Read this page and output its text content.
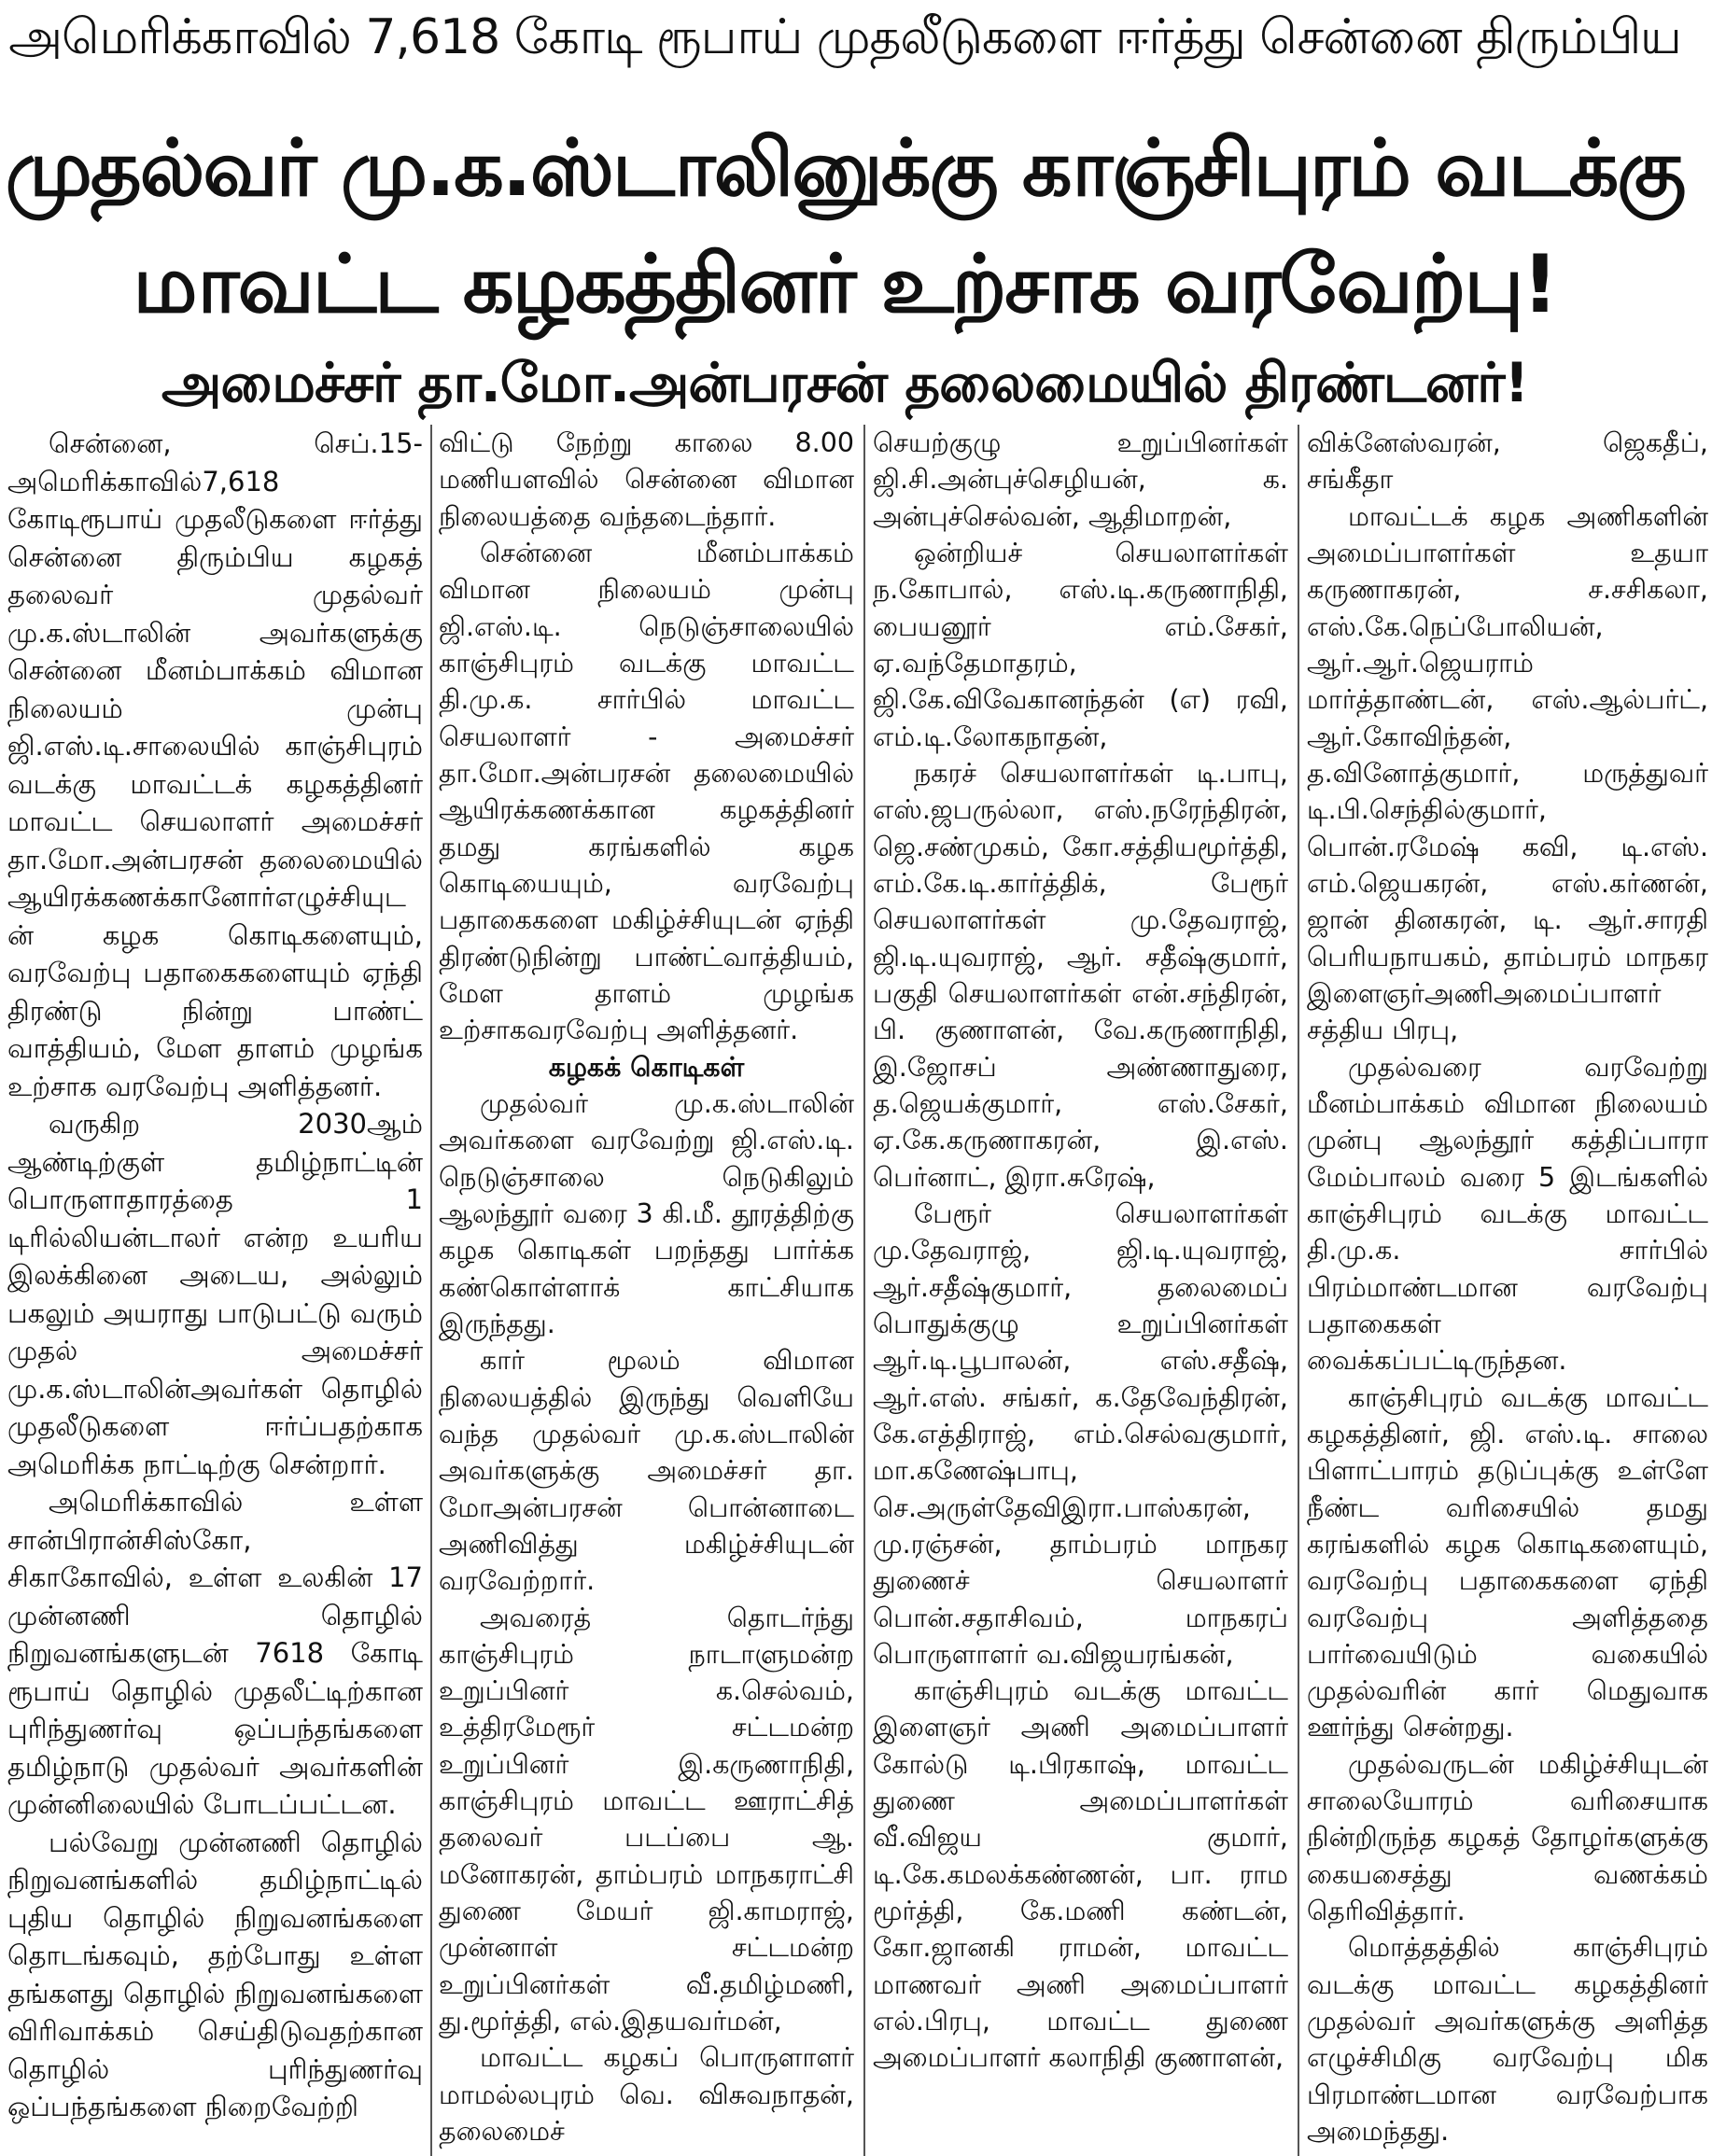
அமெரிக்காவில் 7,618 கோடி ரூபாய் முதலீடுகளை ஈர்த்து சென்னை திரும்பிய
முதல்வர் மு.க.ஸ்டாலினுக்கு காஞ்சிபுரம் வடக்கு
மாவட்ட கழகத்தினர் உற்சாக வரவேற்பு!
அமைச்சர் தா.மோ.அன்பரசன் தலைமையில் திரண்டனர்!

சென்னை, செப்.15- அமெரிக்காவில்7,618 கோடிரூபாய் முதலீடுகளை ஈர்த்து சென்னை திரும்பிய கழகத் தலைவர் முதல்வர் மு.க.ஸ்டாலின் அவர்களுக்கு சென்னை மீனம்பாக்கம் விமான நிலையம் முன்பு ஜி.எஸ்.டி.சாலையில் காஞ்சிபுரம் வடக்கு மாவட்டக் கழகத்தினர் மாவட்ட செயலாளர் அமைச்சர் தா.மோ.அன்பரசன் தலைமையில் ஆயிரக்கணக்கானோர்எழுச்சியுடன் கழக கொடிகளையும், வரவேற்பு பதாகைகளையும் ஏந்தி திரண்டு நின்று பாண்ட் வாத்தியம், மேள தாளம் முழங்க உற்சாக வரவேற்பு அளித்தனர்.

வருகிற 2030ஆம் ஆண்டிற்குள் தமிழ்நாட்டின் பொருளாதாரத்தை 1 டிரில்லியன்டாலர் என்ற உயரிய இலக்கினை அடைய, அல்லும் பகலும் அயராது பாடுபட்டு வரும் முதல் அமைச்சர் மு.க.ஸ்டாலின்அவர்கள் தொழில் முதலீடுகளை ஈர்ப்பதற்காக அமெரிக்க நாட்டிற்கு சென்றார்.

அமெரிக்காவில் உள்ள சான்பிரான்சிஸ்கோ, சிகாகோவில், உள்ள உலகின் 17 முன்னணி தொழில் நிறுவனங்களுடன் 7618 கோடி ரூபாய் தொழில் முதலீட்டிற்கான புரிந்துணர்வு ஒப்பந்தங்களை தமிழ்நாடு முதல்வர் அவர்களின் முன்னிலையில் போடப்பட்டன.

பல்வேறு முன்னணி தொழில் நிறுவனங்களில் தமிழ்நாட்டில் புதிய தொழில் நிறுவனங்களை தொடங்கவும், தற்போது உள்ள தங்களது தொழில் நிறுவனங்களை விரிவாக்கம் செய்திடுவதற்கான தொழில் புரிந்துணர்வு ஒப்பந்தங்களை நிறைவேற்றி

விட்டு நேற்று காலை 8.00 மணியளவில் சென்னை விமான நிலையத்தை வந்தடைந்தார்.

சென்னை மீனம்பாக்கம் விமான நிலையம் முன்பு ஜி.எஸ்.டி. நெடுஞ்சாலையில் காஞ்சிபுரம் வடக்கு மாவட்ட தி.மு.க. சார்பில் மாவட்ட செயலாளர் - அமைச்சர் தா.மோ.அன்பரசன் தலைமையில் ஆயிரக்கணக்கான கழகத்தினர் தமது கரங்களில் கழக கொடியையும், வரவேற்பு பதாகைகளை மகிழ்ச்சியுடன் ஏந்தி திரண்டுநின்று பாண்ட்வாத்தியம், மேள தாளம் முழங்க உற்சாகவரவேற்பு அளித்தனர்.

கழகக் கொடிகள்

முதல்வர் மு.க.ஸ்டாலின் அவர்களை வரவேற்று ஜி.எஸ்.டி. நெடுஞ்சாலை நெடுகிலும் ஆலந்தூர் வரை 3 கி.மீ. தூரத்திற்கு கழக கொடிகள் பறந்தது பார்க்க கண்கொள்ளாக் காட்சியாக இருந்தது.

கார் மூலம் விமான நிலையத்தில் இருந்து வெளியே வந்த முதல்வர் மு.க.ஸ்டாலின் அவர்களுக்கு அமைச்சர் தா. மோஅன்பரசன் பொன்னாடை அணிவித்து மகிழ்ச்சியுடன் வரவேற்றார்.

அவரைத் தொடர்ந்து காஞ்சிபுரம் நாடாளுமன்ற உறுப்பினர் க.செல்வம், உத்திரமேரூர் சட்டமன்ற உறுப்பினர் இ.கருணாநிதி, காஞ்சிபுரம் மாவட்ட ஊராட்சித் தலைவர் படப்பை ஆ. மனோகரன், தாம்பரம் மாநகராட்சி துணை மேயர் ஜி.காமராஜ், முன்னாள் சட்டமன்ற உறுப்பினர்கள் வீ.தமிழ்மணி, து.மூர்த்தி, எல்.இதயவர்மன்,

மாவட்ட கழகப் பொருளாளர் மாமல்லபுரம் வெ. விசுவநாதன், தலைமைச்

செயற்குழு உறுப்பினர்கள் ஜி.சி.அன்புச்செழியன், க. அன்புச்செல்வன், ஆதிமாறன்,

ஒன்றியச் செயலாளர்கள் ந.கோபால், எஸ்.டி.கருணாநிதி, பையனூர் எம்.சேகர், ஏ.வந்தேமாதரம், ஜி.கே.விவேகானந்தன் (எ) ரவி, எம்.டி.லோகநாதன்,

நகரச் செயலாளர்கள் டி.பாபு, எஸ்.ஜபருல்லா, எஸ்.நரேந்திரன், ஜெ.சண்முகம், கோ.சத்தியமூர்த்தி, எம்.கே.டி.கார்த்திக், பேரூர் செயலாளர்கள் மு.தேவராஜ், ஜி.டி.யுவராஜ், ஆர். சதீஷ்குமார், பகுதி செயலாளர்கள் என்.சந்திரன், பி. குணாளன், வே.கருணாநிதி, இ.ஜோசப் அண்ணாதுரை, த.ஜெயக்குமார், எஸ்.சேகர், ஏ.கே.கருணாகரன், இ.எஸ். பெர்னாட், இரா.சுரேஷ்,

பேரூர் செயலாளர்கள் மு.தேவராஜ், ஜி.டி.யுவராஜ், ஆர்.சதீஷ்குமார், தலைமைப் பொதுக்குழு உறுப்பினர்கள் ஆர்.டி.பூபாலன், எஸ்.சதீஷ், ஆர்.எஸ். சங்கர், க.தேவேந்திரன், கே.எத்திராஜ், எம்.செல்வகுமார், மா.கணேஷ்பாபு, செ.அருள்தேவிஇரா.பாஸ்கரன், மு.ரஞ்சன், தாம்பரம் மாநகர துணைச் செயலாளர் பொன்.சதாசிவம், மாநகரப் பொருளாளர் வ.விஜயரங்கன்,

காஞ்சிபுரம் வடக்கு மாவட்ட இளைஞர் அணி அமைப்பாளர் கோல்டு டி.பிரகாஷ், மாவட்ட துணை அமைப்பாளர்கள் வீ.விஜய குமார், டி.கே.கமலக்கண்ணன், பா. ராம மூர்த்தி, கே.மணி கண்டன், கோ.ஜானகி ராமன், மாவட்ட மாணவர் அணி அமைப்பாளர் எல்.பிரபு, மாவட்ட துணை அமைப்பாளர் கலாநிதி குணாளன்,

விக்னேஸ்வரன், ஜெகதீப், சங்கீதா

மாவட்டக் கழக அணிகளின் அமைப்பாளர்கள் உதயா கருணாகரன், ச.சசிகலா, எஸ்.கே.நெப்போலியன், ஆர்.ஆர்.ஜெயராம் மார்த்தாண்டன், எஸ்.ஆல்பர்ட், ஆர்.கோவிந்தன், த.வினோத்குமார், மருத்துவர் டி.பி.செந்தில்குமார், பொன்.ரமேஷ் கவி, டி.எஸ். எம்.ஜெயகரன், எஸ்.கர்ணன், ஜான் தினகரன், டி. ஆர்.சாரதி பெரியநாயகம், தாம்பரம் மாநகர இளைஞர்அணிஅமைப்பாளர் சத்திய பிரபு,

முதல்வரை வரவேற்று மீனம்பாக்கம் விமான நிலையம் முன்பு ஆலந்தூர் கத்திப்பாரா மேம்பாலம் வரை 5 இடங்களில் காஞ்சிபுரம் வடக்கு மாவட்ட தி.மு.க. சார்பில் பிரம்மாண்டமான வரவேற்பு பதாகைகள் வைக்கப்பட்டிருந்தன.

காஞ்சிபுரம் வடக்கு மாவட்ட கழகத்தினர், ஜி. எஸ்.டி. சாலை பிளாட்பாரம் தடுப்புக்கு உள்ளே நீண்ட வரிசையில் தமது கரங்களில் கழக கொடிகளையும், வரவேற்பு பதாகைகளை ஏந்தி வரவேற்பு அளித்ததை பார்வையிடும் வகையில் முதல்வரின் கார் மெதுவாக ஊர்ந்து சென்றது.

முதல்வருடன் மகிழ்ச்சியுடன் சாலையோரம் வரிசையாக நின்றிருந்த கழகத் தோழர்களுக்கு கையசைத்து வணக்கம் தெரிவித்தார்.

மொத்தத்தில் காஞ்சிபுரம் வடக்கு மாவட்ட கழகத்தினர் முதல்வர் அவர்களுக்கு அளித்த எழுச்சிமிகு வரவேற்பு மிக பிரமாண்டமான வரவேற்பாக அமைந்தது.
